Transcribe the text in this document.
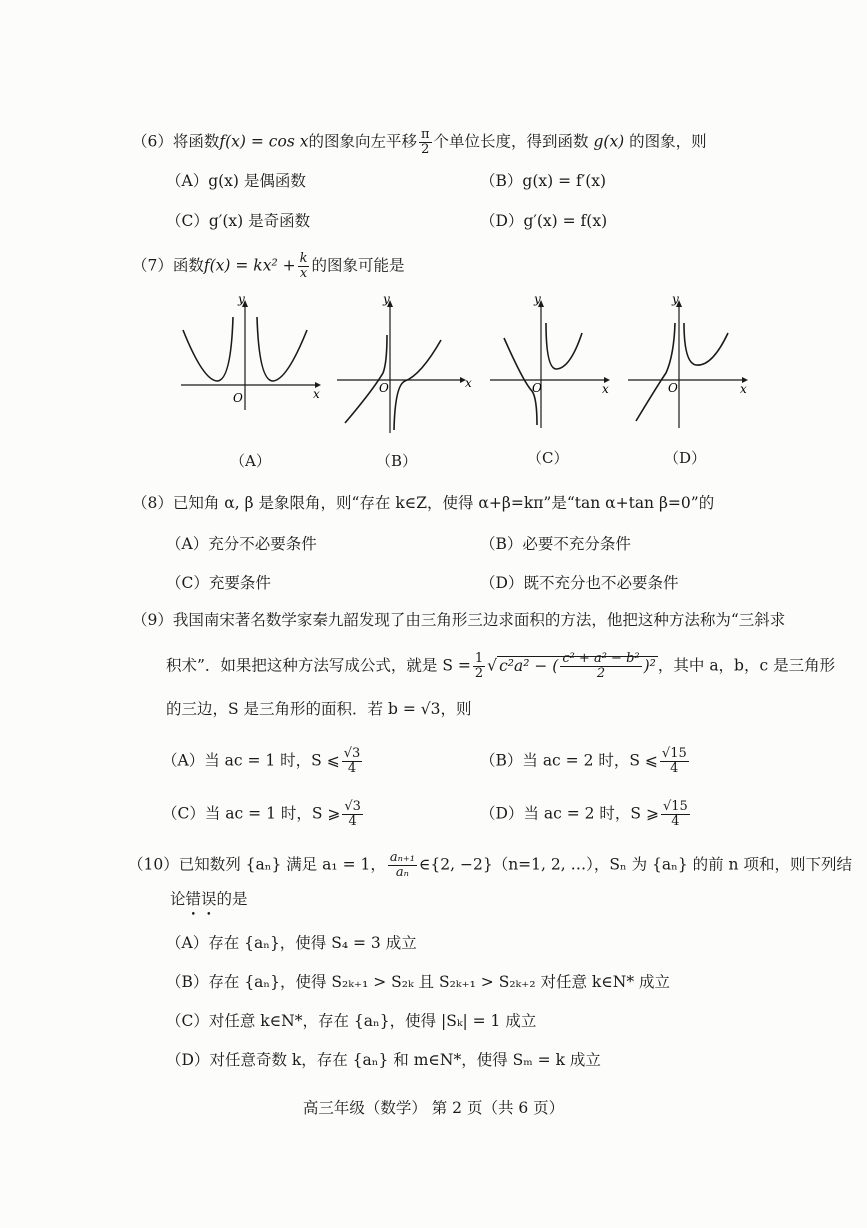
（6）将函数f(x) = cos x的图象向左平移 $\frac{\pi}{2}$ 个单位长度，得到函数 g(x) 的图象，则
（A）g(x) 是偶函数	（B）g(x) = f′(x)
（C）g′(x) 是奇函数	（D）g′(x) = f(x)
（7）函数$f(x) = kx^2 + \frac{k}{x}$ 的图象可能是
y
x
O
（A）
y
x
O
（B）
y
x
O
（C）
y
x
O
（D）
（8）已知角 α, β 是象限角，则“存在 k∈Z，使得 α+β=kπ”是“tan α+tan β=0”的
（A）充分不必要条件	（B）必要不充分条件
（C）充要条件	（D）既不充分也不必要条件
（9）我国南宋著名数学家秦九韶发现了由三角形三边求面积的方法，他把这种方法称为“三斜求
积术”．如果把这种方法写成公式，就是 $S = \frac{1}{2}$ √ c²a² − ( $\frac{\text{c² + a² − b²}}{2} )^2$ ，其中 a，b，c 是三角形
的三边，S 是三角形的面积．若 b = √3，则
（A）当 ac = 1 时，S ⩽ $\frac{√3}{4}$	（B）当 ac = 2 时，S ⩽ $\frac{√15}{4}$
（C）当 ac = 1 时，S ⩾ $\frac{√3}{4}$	（D）当 ac = 2 时，S ⩾ $\frac{√15}{4}$
（10）已知数列 {aₙ} 满足 a₁ = 1， $\frac{\text{aₙ₊₁}}{\text{aₙ}}$ ∈{2, −2}（n=1, 2, …），Sₙ 为 {aₙ} 的前 n 项和，则下列结
论错误的是
（A）存在 {aₙ}，使得 S₄ = 3 成立
（B）存在 {aₙ}，使得 S₂ₖ₊₁ > S₂ₖ 且 S₂ₖ₊₁ > S₂ₖ₊₂ 对任意 k∈N* 成立
（C）对任意 k∈N*，存在 {aₙ}，使得 |Sₖ| = 1 成立
（D）对任意奇数 k，存在 {aₙ} 和 m∈N*，使得 Sₘ = k 成立
高三年级（数学） 第 2 页（共 6 页）
